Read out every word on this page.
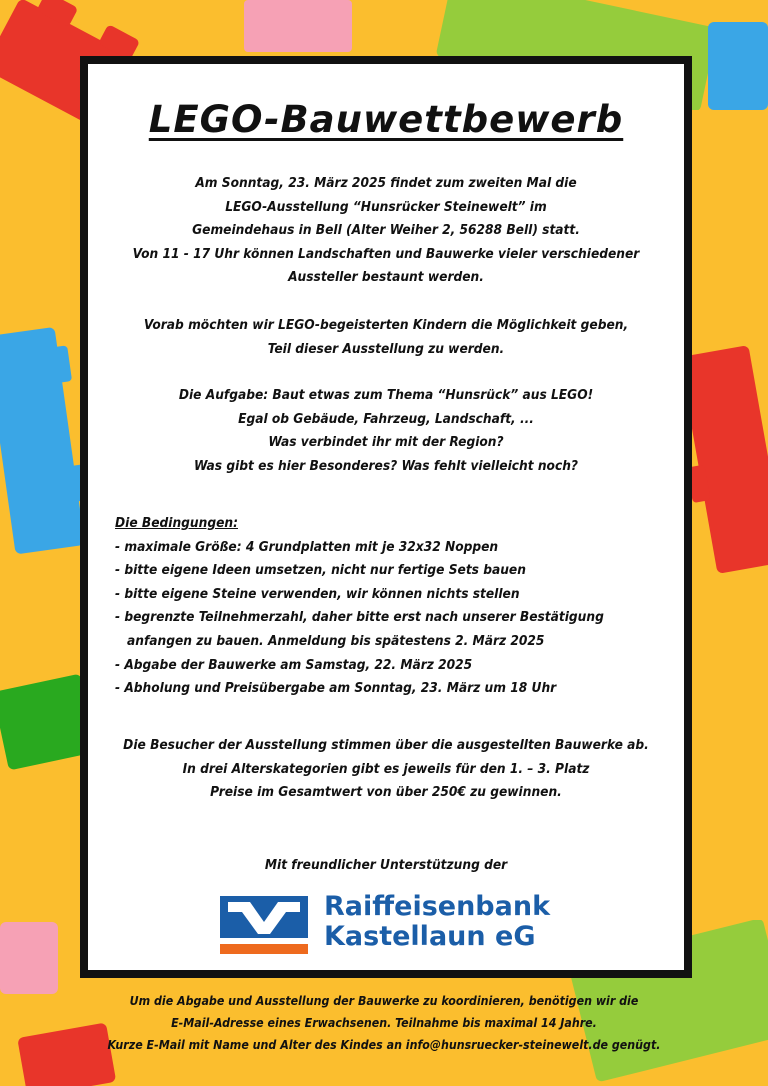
LEGO-Bauwettbewerb

Am Sonntag, 23. März 2025 findet zum zweiten Mal die

LEGO-Ausstellung “Hunsrücker Steinewelt” im

Gemeindehaus in Bell (Alter Weiher 2, 56288 Bell) statt.

Von 11 - 17 Uhr können Landschaften und Bauwerke vieler verschiedener

Aussteller bestaunt werden.

Vorab möchten wir LEGO-begeisterten Kindern die Möglichkeit geben,

Teil dieser Ausstellung zu werden.

Die Aufgabe: Baut etwas zum Thema “Hunsrück” aus LEGO!

Egal ob Gebäude, Fahrzeug, Landschaft, ...

Was verbindet ihr mit der Region?

Was gibt es hier Besonderes? Was fehlt vielleicht noch?

Die Bedingungen:

- maximale Größe: 4 Grundplatten mit je 32x32 Noppen

- bitte eigene Ideen umsetzen, nicht nur fertige Sets bauen

- bitte eigene Steine verwenden, wir können nichts stellen

- begrenzte Teilnehmerzahl, daher bitte erst nach unserer Bestätigung

anfangen zu bauen. Anmeldung bis spätestens 2. März 2025

- Abgabe der Bauwerke am Samstag, 22. März 2025

- Abholung und Preisübergabe am Sonntag, 23. März um 18 Uhr

Die Besucher der Ausstellung stimmen über die ausgestellten Bauwerke ab.

In drei Alterskategorien gibt es jeweils für den 1. – 3. Platz

Preise im Gesamtwert von über 250€ zu gewinnen.

Mit freundlicher Unterstützung der
Raiffeisenbank
Kastellaun eG

Um die Abgabe und Ausstellung der Bauwerke zu koordinieren, benötigen wir die

E-Mail-Adresse eines Erwachsenen. Teilnahme bis maximal 14 Jahre.

Kurze E-Mail mit Name und Alter des Kindes an info@hunsruecker-steinewelt.de genügt.
